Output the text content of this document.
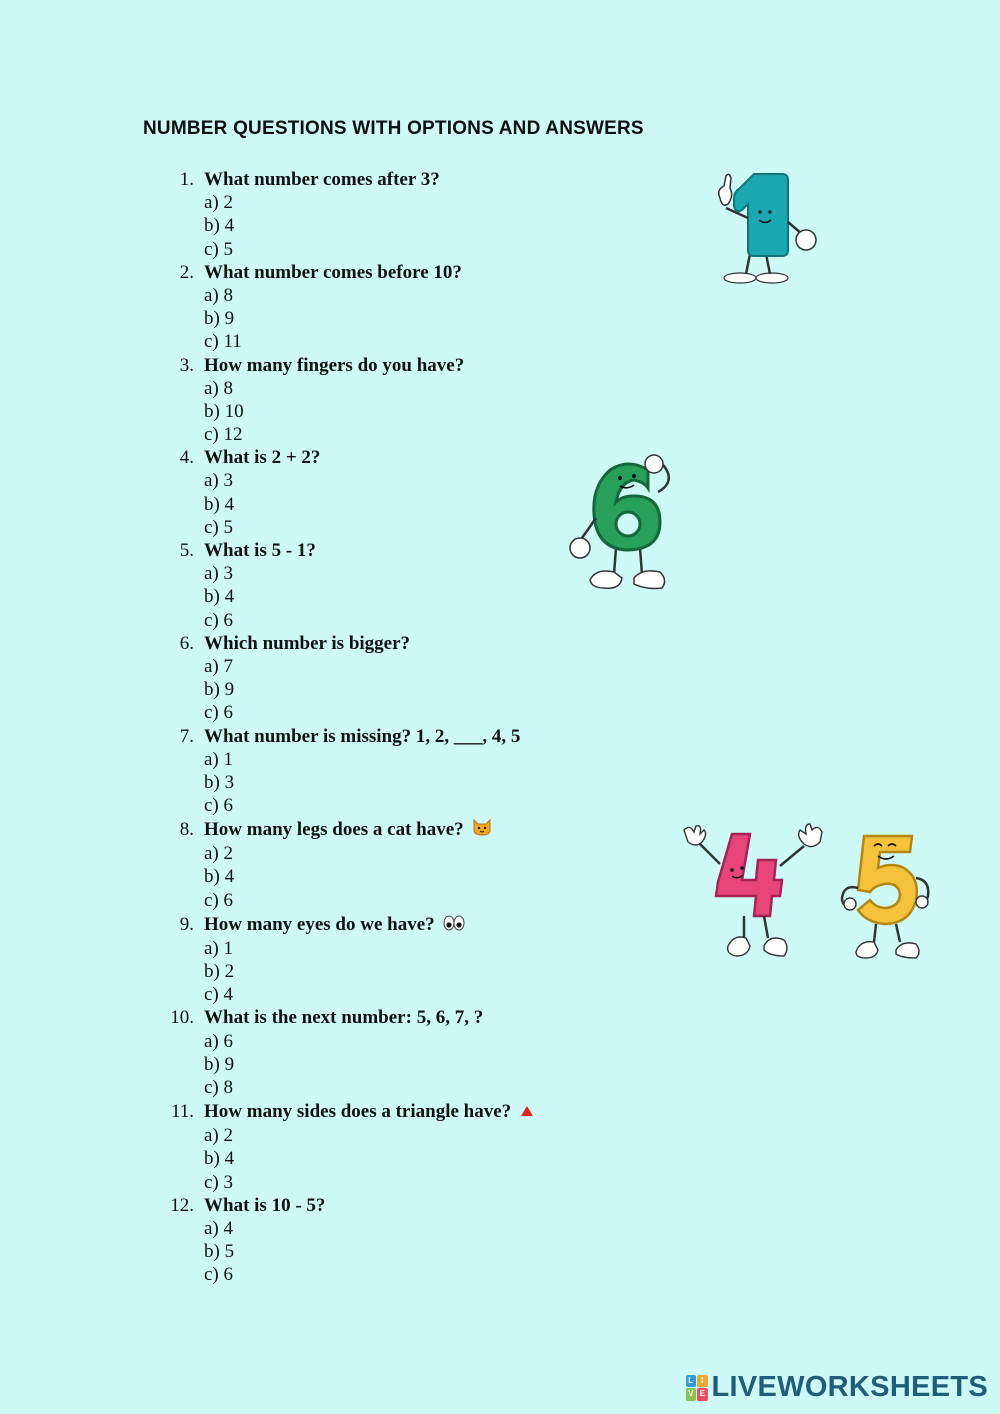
NUMBER QUESTIONS WITH OPTIONS AND ANSWERS
1. What number comes after 3?
a) 2
b) 4
c) 5
2. What number comes before 10?
a) 8
b) 9
c) 11
3. How many fingers do you have?
a) 8
b) 10
c) 12
4. What is 2 + 2?
a) 3
b) 4
c) 5
5. What is 5 - 1?
a) 3
b) 4
c) 6
6. Which number is bigger?
a) 7
b) 9
c) 6
7. What number is missing? 1, 2, ___, 4, 5
a) 1
b) 3
c) 6
8. How many legs does a cat have?
a) 2
b) 4
c) 6
9. How many eyes do we have?
a) 1
b) 2
c) 4
10. What is the next number: 5, 6, 7, ?
a) 6
b) 9
c) 8
11. How many sides does a triangle have?
a) 2
b) 4
c) 3
12. What is 10 - 5?
a) 4
b) 5
c) 6
L I
V E LIVEWORKSHEETS
